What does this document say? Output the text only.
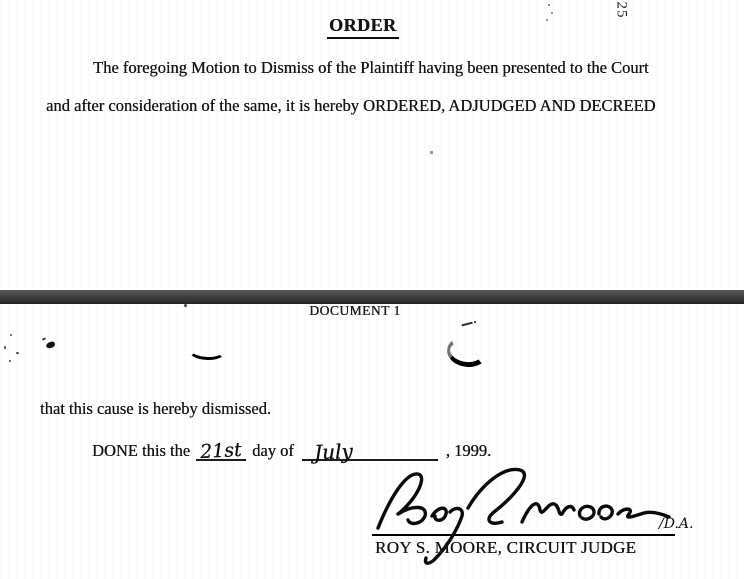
25
ORDER
The foregoing Motion to Dismiss of the Plaintiff having been presented to the Court
and after consideration of the same, it is hereby ORDERED, ADJUDGED AND DECREED
DOCUMENT 1
that this cause is hereby dismissed.
DONE this the 21st day of July	, 1999.
/D.A.
ROY S. MOORE, CIRCUIT JUDGE
